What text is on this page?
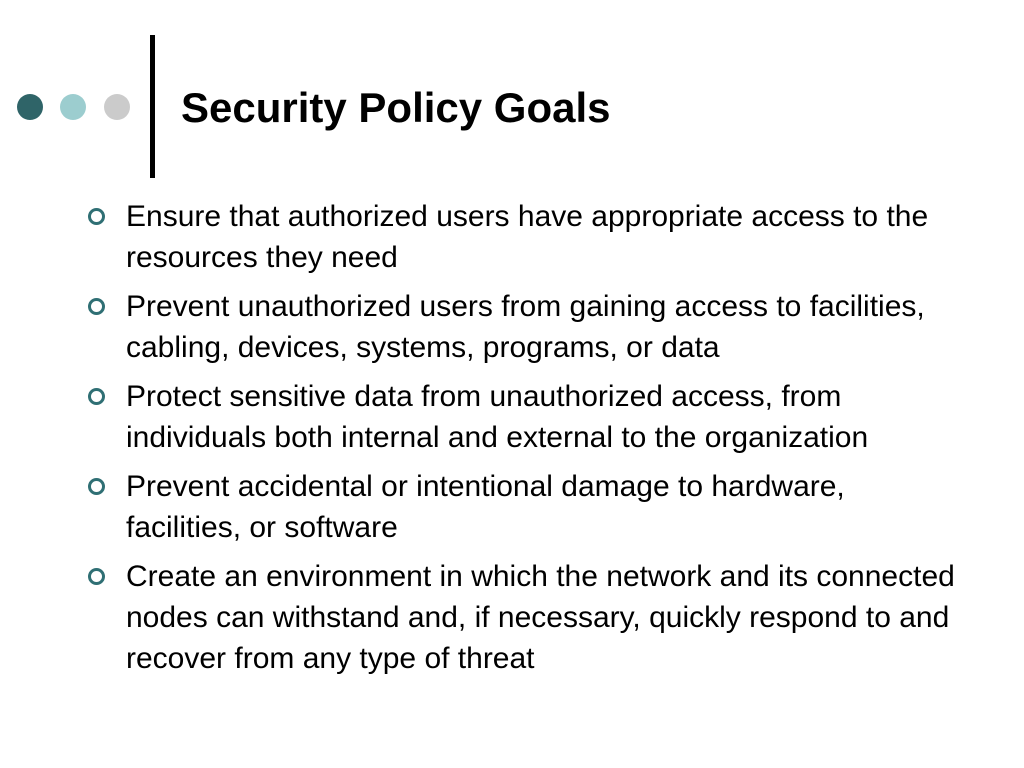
Security Policy Goals
Ensure that authorized users have appropriate access to the resources they need
Prevent unauthorized users from gaining access to facilities, cabling, devices, systems, programs, or data
Protect sensitive data from unauthorized access, from individuals both internal and external to the organization
Prevent accidental or intentional damage to hardware, facilities, or software
Create an environment in which the network and its connected nodes can withstand and, if necessary, quickly respond to and recover from any type of threat
